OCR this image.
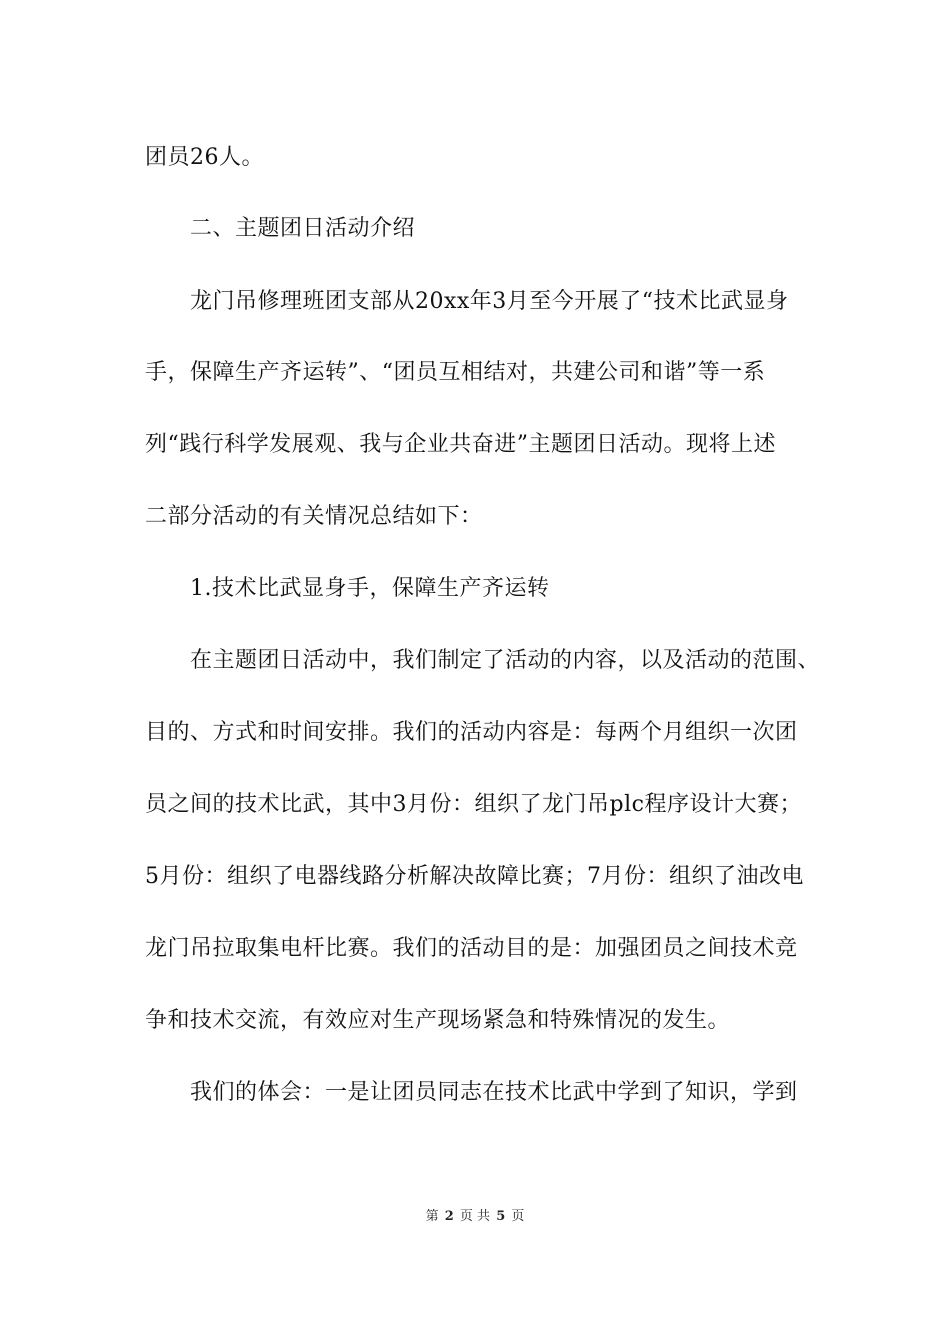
团员26人。
二、主题团日活动介绍
龙门吊修理班团支部从20xx年3月至今开展了“技术比武显身
手，保障生产齐运转”、“团员互相结对，共建公司和谐”等一系
列“践行科学发展观、我与企业共奋进”主题团日活动。现将上述
二部分活动的有关情况总结如下：
1.技术比武显身手，保障生产齐运转
在主题团日活动中，我们制定了活动的内容，以及活动的范围、
目的、方式和时间安排。我们的活动内容是：每两个月组织一次团
员之间的技术比武，其中3月份：组织了龙门吊plc程序设计大赛；
5月份：组织了电器线路分析解决故障比赛；7月份：组织了油改电
龙门吊拉取集电杆比赛。我们的活动目的是：加强团员之间技术竞
争和技术交流，有效应对生产现场紧急和特殊情况的发生。
我们的体会：一是让团员同志在技术比武中学到了知识，学到
第 2 页 共 5 页
